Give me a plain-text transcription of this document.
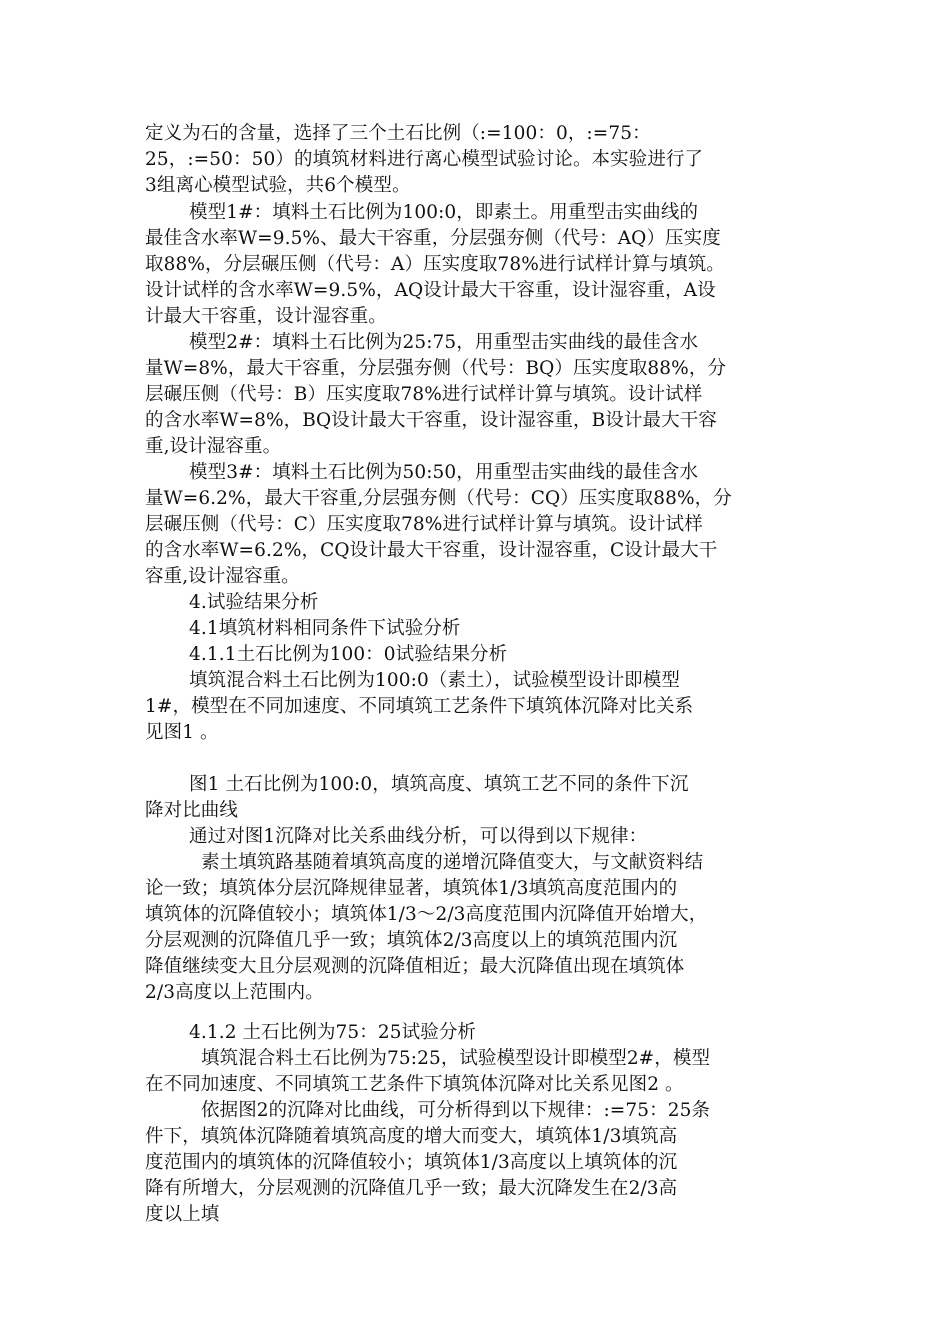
定义为石的含量，选择了三个土石比例（:=100：0，:=75：
25，:=50：50）的填筑材料进行离心模型试验讨论。本实验进行了
3组离心模型试验，共6个模型。
模型1#：填料土石比例为100:0，即素土。用重型击实曲线的
最佳含水率W=9.5%、最大干容重，分层强夯侧（代号：AQ）压实度
取88%，分层碾压侧（代号：A）压实度取78%进行试样计算与填筑。
设计试样的含水率W=9.5%，AQ设计最大干容重，设计湿容重，A设
计最大干容重，设计湿容重。
模型2#：填料土石比例为25:75，用重型击实曲线的最佳含水
量W=8%，最大干容重，分层强夯侧（代号：BQ）压实度取88%，分
层碾压侧（代号：B）压实度取78%进行试样计算与填筑。设计试样
的含水率W=8%，BQ设计最大干容重，设计湿容重，B设计最大干容
重,设计湿容重。
模型3#：填料土石比例为50:50，用重型击实曲线的最佳含水
量W=6.2%，最大干容重,分层强夯侧（代号：CQ）压实度取88%，分
层碾压侧（代号：C）压实度取78%进行试样计算与填筑。设计试样
的含水率W=6.2%，CQ设计最大干容重，设计湿容重，C设计最大干
容重,设计湿容重。
4.试验结果分析
4.1填筑材料相同条件下试验分析
4.1.1土石比例为100：0试验结果分析
填筑混合料土石比例为100:0（素土），试验模型设计即模型
1#，模型在不同加速度、不同填筑工艺条件下填筑体沉降对比关系
见图1 。
图1 土石比例为100:0，填筑高度、填筑工艺不同的条件下沉
降对比曲线
通过对图1沉降对比关系曲线分析，可以得到以下规律：
素土填筑路基随着填筑高度的递增沉降值变大，与文献资料结
论一致；填筑体分层沉降规律显著，填筑体1/3填筑高度范围内的
填筑体的沉降值较小；填筑体1/3～2/3高度范围内沉降值开始增大，
分层观测的沉降值几乎一致；填筑体2/3高度以上的填筑范围内沉
降值继续变大且分层观测的沉降值相近；最大沉降值出现在填筑体
2/3高度以上范围内。
4.1.2 土石比例为75：25试验分析
填筑混合料土石比例为75:25，试验模型设计即模型2#，模型
在不同加速度、不同填筑工艺条件下填筑体沉降对比关系见图2 。
依据图2的沉降对比曲线，可分析得到以下规律：:=75：25条
件下，填筑体沉降随着填筑高度的增大而变大，填筑体1/3填筑高
度范围内的填筑体的沉降值较小；填筑体1/3高度以上填筑体的沉
降有所增大，分层观测的沉降值几乎一致；最大沉降发生在2/3高
度以上填
